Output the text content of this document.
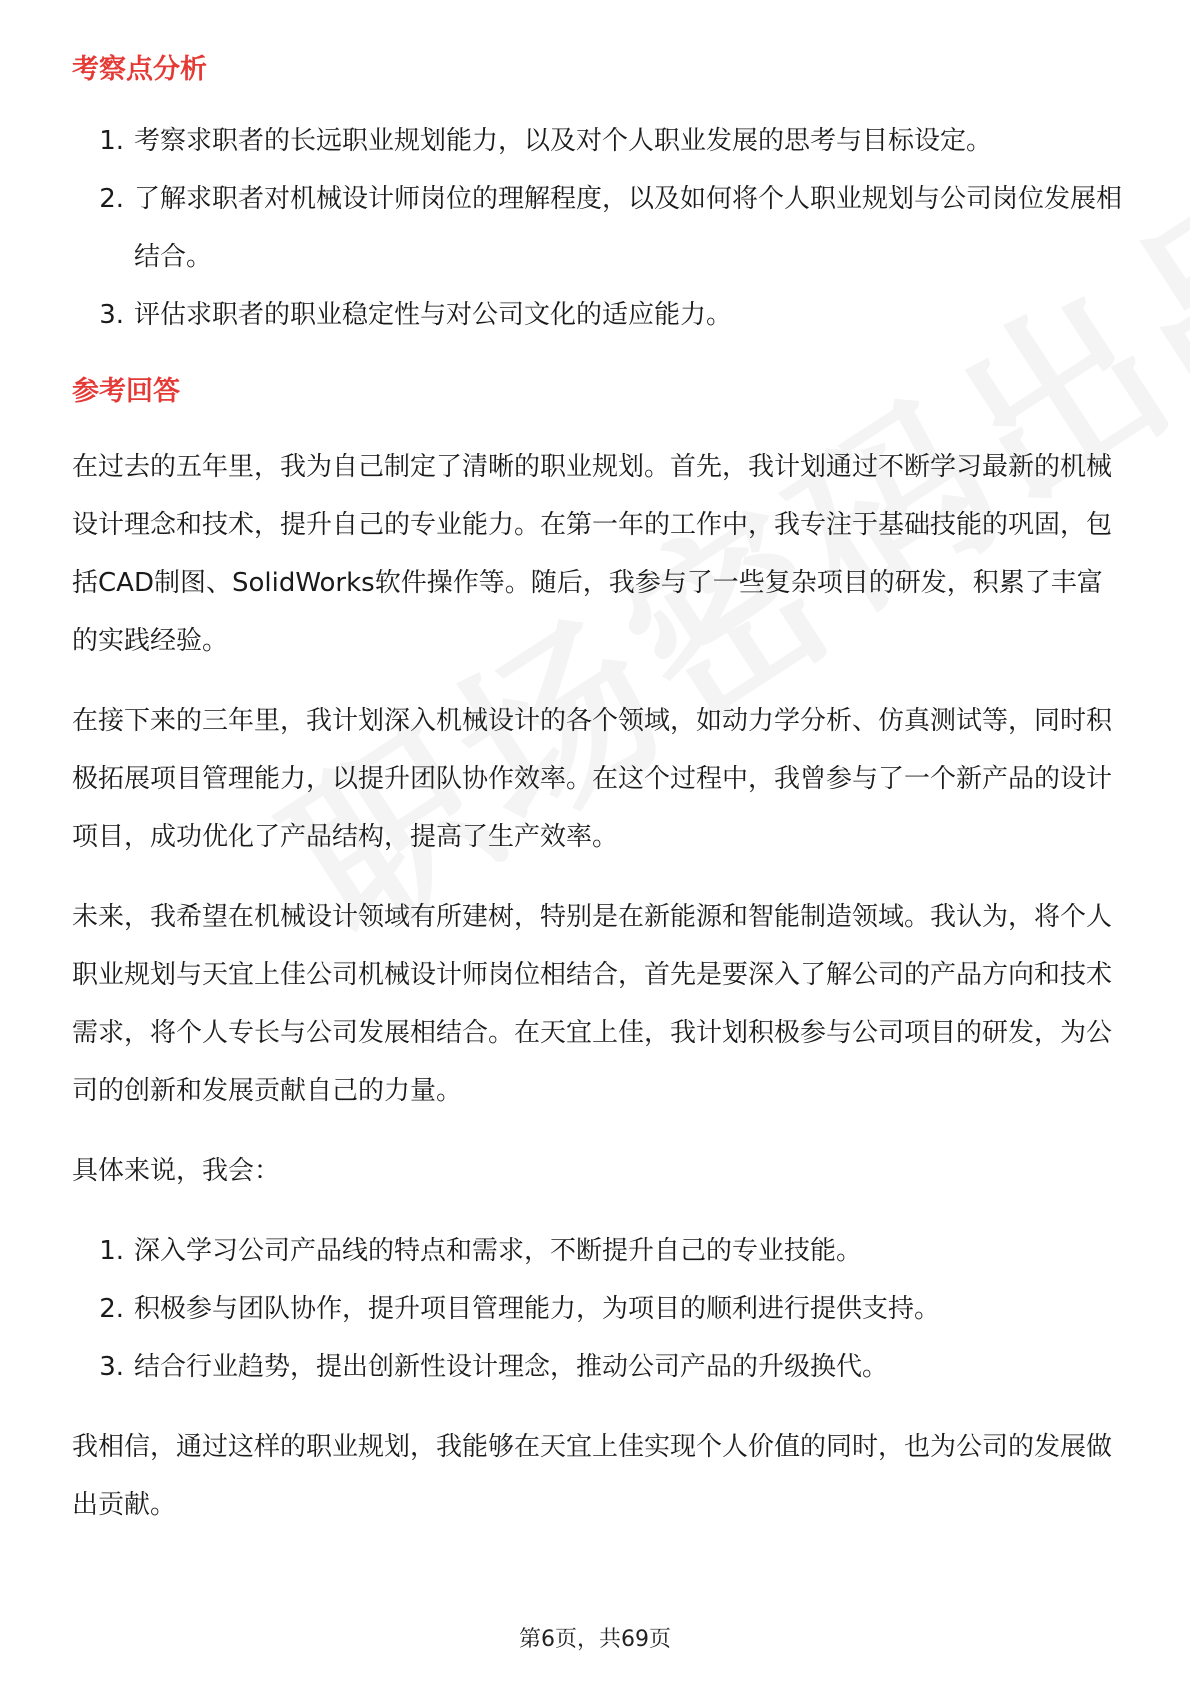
考察点分析
1. 考察求职者的长远职业规划能力，以及对个人职业发展的思考与目标设定。
2. 了解求职者对机械设计师岗位的理解程度，以及如何将个人职业规划与公司岗位发展相结合。
3. 评估求职者的职业稳定性与对公司文化的适应能力。
参考回答

在过去的五年里，我为自己制定了清晰的职业规划。首先，我计划通过不断学习最新的机械设计理念和技术，提升自己的专业能力。在第一年的工作中，我专注于基础技能的巩固，包括CAD制图、SolidWorks软件操作等。随后，我参与了一些复杂项目的研发，积累了丰富的实践经验。

在接下来的三年里，我计划深入机械设计的各个领域，如动力学分析、仿真测试等，同时积极拓展项目管理能力，以提升团队协作效率。在这个过程中，我曾参与了一个新产品的设计项目，成功优化了产品结构，提高了生产效率。

未来，我希望在机械设计领域有所建树，特别是在新能源和智能制造领域。我认为，将个人职业规划与天宜上佳公司机械设计师岗位相结合，首先是要深入了解公司的产品方向和技术需求，将个人专长与公司发展相结合。在天宜上佳，我计划积极参与公司项目的研发，为公司的创新和发展贡献自己的力量。

具体来说，我会：

1. 深入学习公司产品线的特点和需求，不断提升自己的专业技能。
2. 积极参与团队协作，提升项目管理能力，为项目的顺利进行提供支持。
3. 结合行业趋势，提出创新性设计理念，推动公司产品的升级换代。

我相信，通过这样的职业规划，我能够在天宜上佳实现个人价值的同时，也为公司的发展做出贡献。

第6页，共69页
